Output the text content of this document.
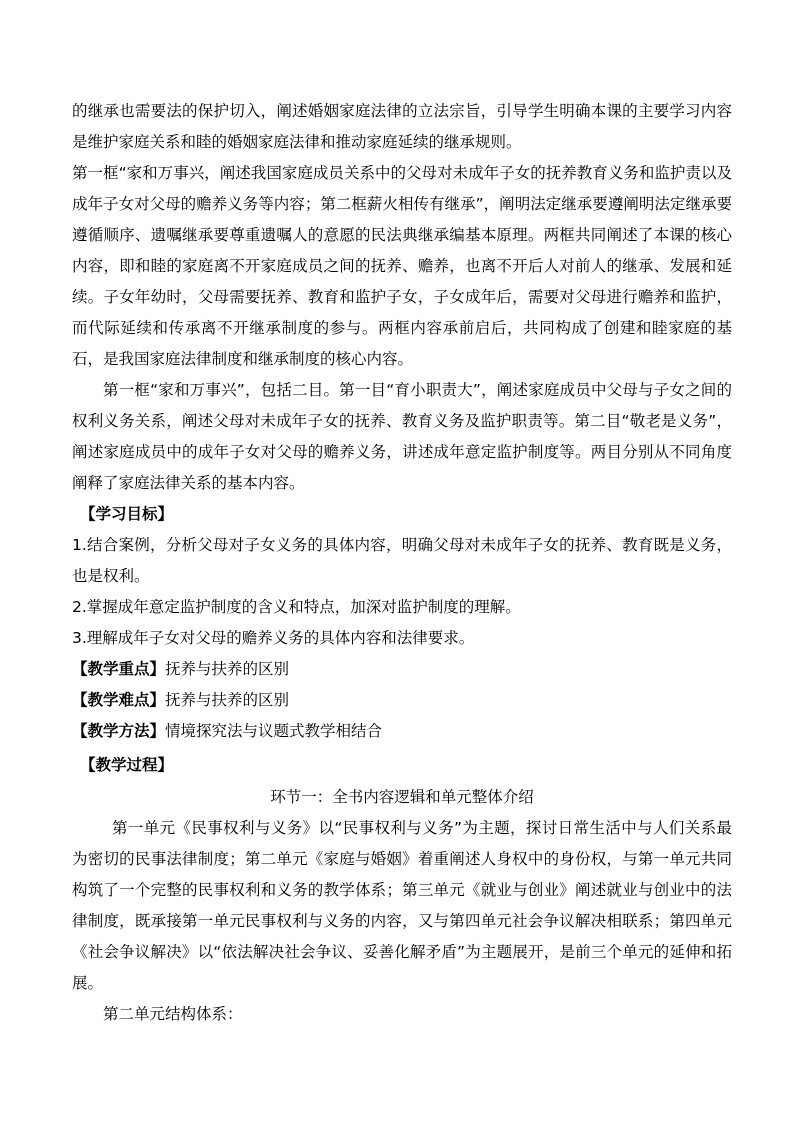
的继承也需要法的保护切入，阐述婚姻家庭法律的立法宗旨，引导学生明确本课的主要学习内容是维护家庭关系和睦的婚姻家庭法律和推动家庭延续的继承规则。

第一框“家和万事兴，阐述我国家庭成员关系中的父母对未成年子女的抚养教育义务和监护责以及成年子女对父母的赡养义务等内容；第二框薪火相传有继承”，阐明法定继承要遵阐明法定继承要遵循顺序、遗嘱继承要尊重遗嘱人的意愿的民法典继承编基本原理。两框共同阐述了本课的核心内容，即和睦的家庭离不开家庭成员之间的抚养、赡养，也离不开后人对前人的继承、发展和延续。子女年幼时，父母需要抚养、教育和监护子女，子女成年后，需要对父母进行赡养和监护，而代际延续和传承离不开继承制度的参与。两框内容承前启后，共同构成了创建和睦家庭的基石，是我国家庭法律制度和继承制度的核心内容。

第一框“家和万事兴”，包括二目。第一目“育小职责大”，阐述家庭成员中父母与子女之间的权利义务关系，阐述父母对未成年子女的抚养、教育义务及监护职责等。第二目“敬老是义务”，阐述家庭成员中的成年子女对父母的赡养义务，讲述成年意定监护制度等。两目分别从不同角度阐释了家庭法律关系的基本内容。

【学习目标】

1.结合案例，分析父母对子女义务的具体内容，明确父母对未成年子女的抚养、教育既是义务，也是权利。

2.掌握成年意定监护制度的含义和特点，加深对监护制度的理解。

3.理解成年子女对父母的赡养义务的具体内容和法律要求。

【教学重点】抚养与扶养的区别

【教学难点】抚养与扶养的区别

【教学方法】情境探究法与议题式教学相结合

【教学过程】

环节一：全书内容逻辑和单元整体介绍

第一单元《民事权利与义务》以“民事权利与义务”为主题，探讨日常生活中与人们关系最为密切的民事法律制度；第二单元《家庭与婚姻》着重阐述人身权中的身份权，与第一单元共同构筑了一个完整的民事权利和义务的教学体系；第三单元《就业与创业》阐述就业与创业中的法律制度，既承接第一单元民事权利与义务的内容，又与第四单元社会争议解决相联系；第四单元《社会争议解决》以“依法解决社会争议、妥善化解矛盾”为主题展开，是前三个单元的延伸和拓展。

第二单元结构体系：
